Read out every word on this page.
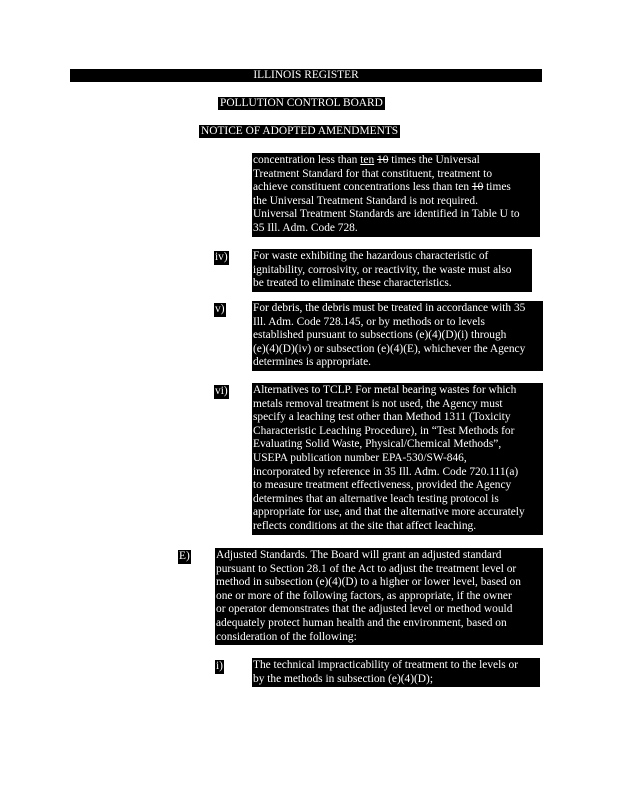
ILLINOIS REGISTER
POLLUTION CONTROL BOARD
NOTICE OF ADOPTED AMENDMENTS
concentration less than ten 10 times the Universal
Treatment Standard for that constituent, treatment to
achieve constituent concentrations less than ten 10 times
the Universal Treatment Standard is not required.
Universal Treatment Standards are identified in Table U to
35 Ill. Adm. Code 728.
iv) For waste exhibiting the hazardous characteristic of
ignitability, corrosivity, or reactivity, the waste must also
be treated to eliminate these characteristics.
v)	For debris, the debris must be treated in accordance with 35
Ill. Adm. Code 728.145, or by methods or to levels
established pursuant to subsections (e)(4)(D)(i) through
(e)(4)(D)(iv) or subsection (e)(4)(E), whichever the Agency
determines is appropriate.
vi) Alternatives to TCLP. For metal bearing wastes for which
metals removal treatment is not used, the Agency must
specify a leaching test other than Method 1311 (Toxicity
Characteristic Leaching Procedure), in “Test Methods for
Evaluating Solid Waste, Physical/Chemical Methods”,
USEPA publication number EPA-530/SW-846,
incorporated by reference in 35 Ill. Adm. Code 720.111(a)
to measure treatment effectiveness, provided the Agency
determines that an alternative leach testing protocol is
appropriate for use, and that the alternative more accurately
reflects conditions at the site that affect leaching.
E) Adjusted Standards. The Board will grant an adjusted standard
pursuant to Section 28.1 of the Act to adjust the treatment level or
method in subsection (e)(4)(D) to a higher or lower level, based on
one or more of the following factors, as appropriate, if the owner
or operator demonstrates that the adjusted level or method would
adequately protect human health and the environment, based on
consideration of the following:
i)	The technical impracticability of treatment to the levels or
by the methods in subsection (e)(4)(D);
